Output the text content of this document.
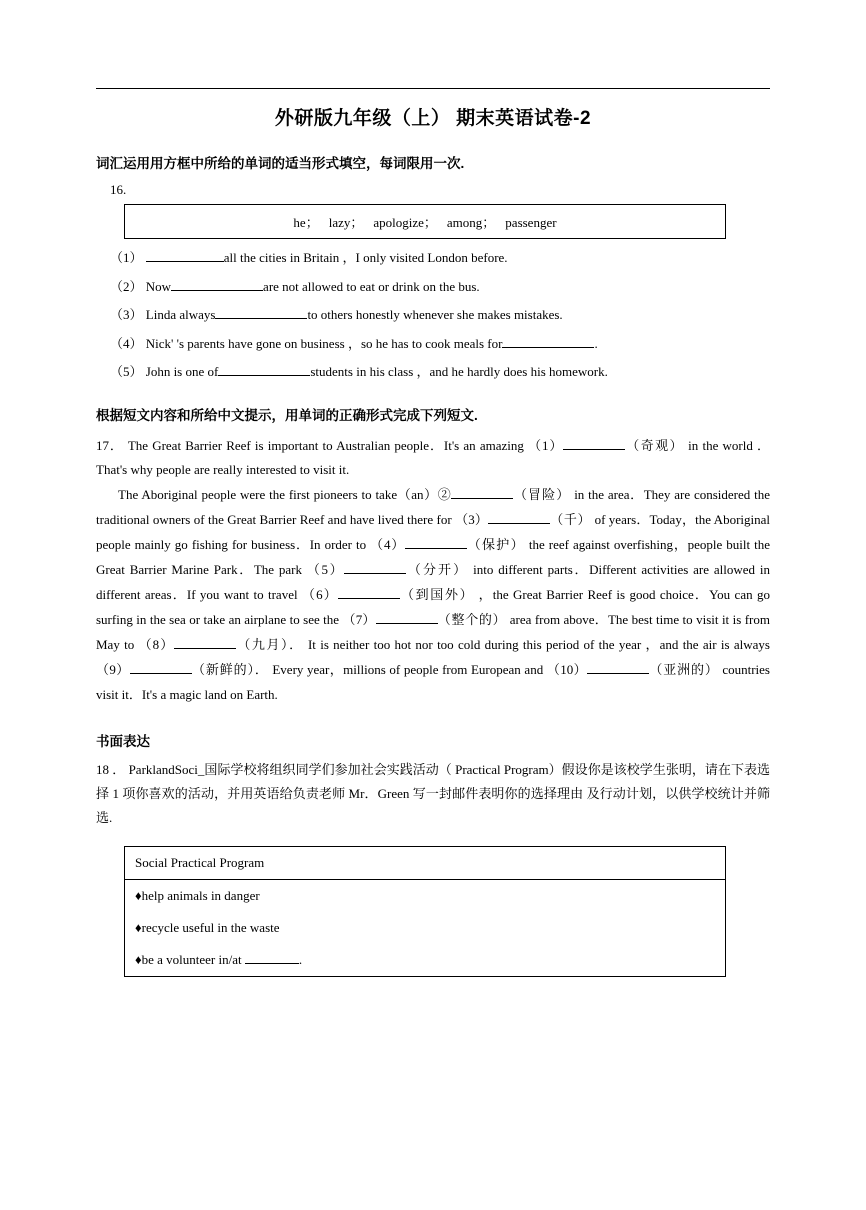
外研版九年级（上） 期末英语试卷-2
词汇运用用方框中所给的单词的适当形式填空，每词限用一次.
16.
he； lazy； apologize； among； passenger
（1）	all the cities in Britain ，I only visited London before.
（2） Now	are not allowed to eat or drink on the bus.
（3） Linda always	to others honestly whenever she makes mistakes.
（4） Nick' 's parents have gone on business ，so he has to cook meals for	.
（5） John is one of	students in his class ，and he hardly does his homework.
根据短文内容和所给中文提示，用单词的正确形式完成下列短文.

17． The Great Barrier Reef is important to Australian people．It's an amazing （1）	（奇观） in the world ．That's why people are really interested to visit it.

The Aboriginal people were the first pioneers to take（an）②	（冒险） in the area．They are considered the traditional owners of the Great Barrier Reef and have lived there for （3）	（千） of years．Today，the Aboriginal people mainly go fishing for business．In order to （4）	（保护） the reef against overfishing，people built the Great Barrier Marine Park．The park （5）	（分开） into different parts．Different activities are allowed in different areas．If you want to travel （6）	（到国外） ，the Great Barrier Reef is good choice．You can go surfing in the sea or take an airplane to see the （7）	（整个的） area from above．The best time to visit it is from May to （8）	（九月）． It is neither too hot nor too cold during this period of the year ，and the air is always （9）	（新鲜的）． Every year，millions of people from European and （10）	（亚洲的） countries visit it．It's a magic land on Earth.

书面表达
18 ． ParklandSoci_国际学校将组织同学们参加社会实践活动（ Practical Program）假设你是该校学生张明，请在下表选择 1 项你喜欢的活动，并用英语给负责老师 Mr．Green 写一封邮件表明你的选择理由 及行动计划，以供学校统计并筛选.
Social Practical Program
♦help animals in danger
♦recycle useful in the waste
♦be a volunteer in/at	.
